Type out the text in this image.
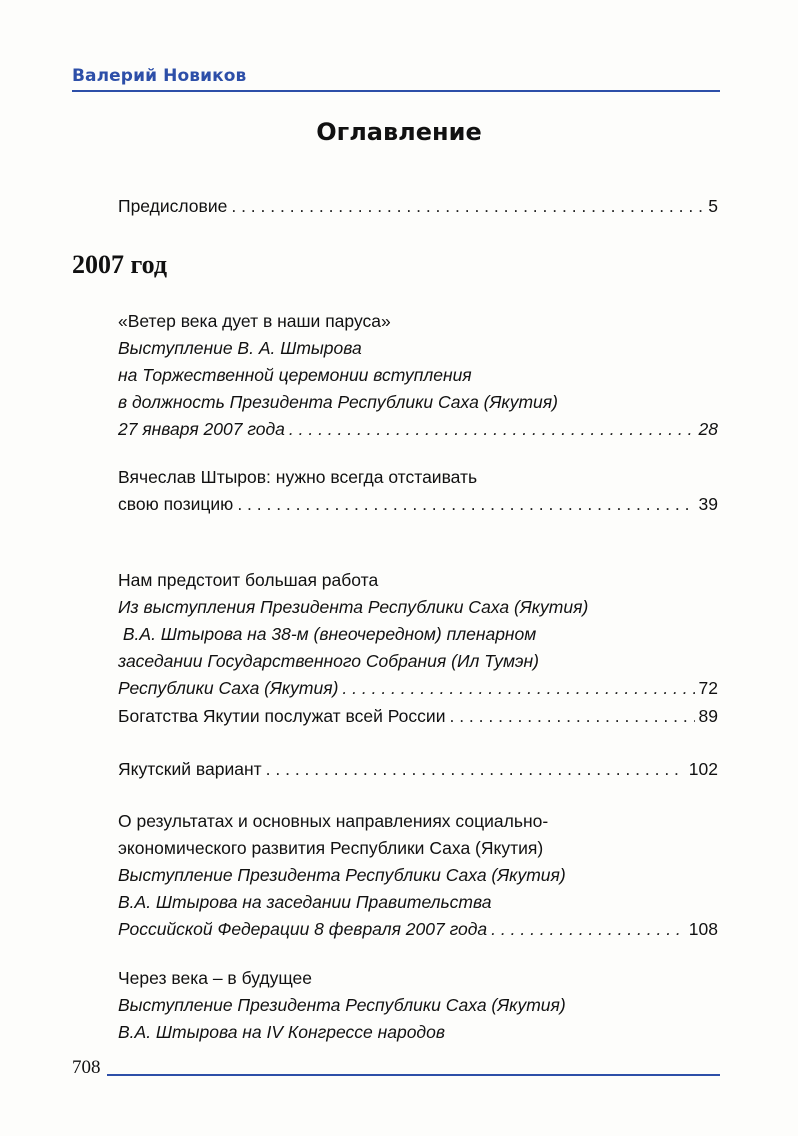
Валерий Новиков
Оглавление
Предисловие . . .	5
2007 год
«Ветер века дует в наши паруса»
Выступление В. А. Штырова
на Торжественной церемонии вступления
в должность Президента Республики Саха (Якутия)
27 января 2007 года . . .	28
Вячеслав Штыров: нужно всегда отстаивать
свою позицию . . .	39
Нам предстоит большая работа
Из выступления Президента Республики Саха (Якутия)
В.А. Штырова на 38-м (внеочередном) пленарном
заседании Государственного Собрания (Ил Тумэн)
Республики Саха (Якутия) . . .	72
Богатства Якутии послужат всей России . . .	89
Якутский вариант . . .	102
О результатах и основных направлениях социально-
экономического развития Республики Саха (Якутия)
Выступление Президента Республики Саха (Якутия)
В.А. Штырова на заседании Правительства
Российской Федерации 8 февраля 2007 года . . .	108
Через века – в будущее
Выступление Президента Республики Саха (Якутия)
В.А. Штырова на IV Конгрессе народов
708
